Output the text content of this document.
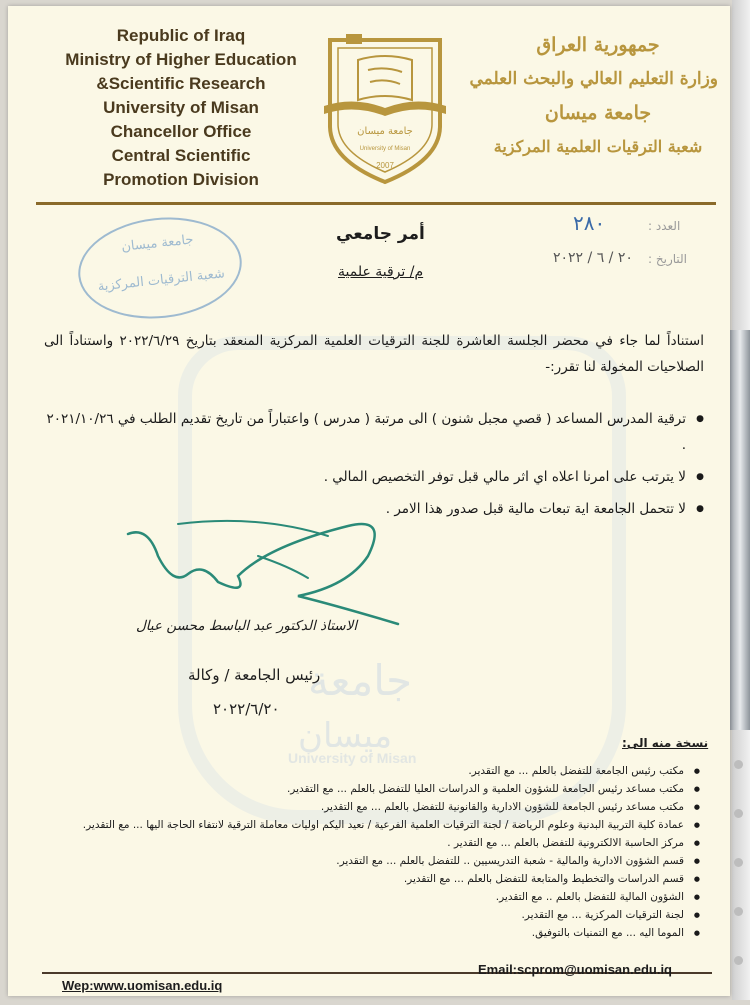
جامعة
ميسان
University of Misan
Republic of Iraq
Ministry of Higher Education
&Scientific Research
University of Misan
Chancellor Office
Central Scientific
Promotion Division
جامعة ميسان
University of Misan
2007
جمهورية العراق
وزارة التعليم العالي والبحث العلمي
جامعة ميسان
شعبة الترقيات العلمية المركزية
جامعة ميسان
شعبة الترقيات المركزية
العدد :
٢٨٠
التاريخ :
٢٠ / ٦ / ٢٠٢٢
أمر جامعي
م/ ترقية علمية

استناداً لما جاء في محضر الجلسة العاشرة للجنة الترقيات العلمية المركزية المنعقد بتاريخ ٢٠٢٢/٦/٢٩ واستناداً الى الصلاحيات المخولة لنا تقرر:-

● ترقية المدرس المساعد ( قصي مجبل شنون ) الى مرتبة ( مدرس ) واعتباراً من تاريخ تقديم الطلب في ٢٠٢١/١٠/٢٦ .
● لا يترتب على امرنا اعلاه اي اثر مالي قبل توفر التخصيص المالي .
● لا تتحمل الجامعة اية تبعات مالية قبل صدور هذا الامر .
الاستاذ الدكتور عبد الباسط محسن عيال
رئيس الجامعة / وكالة
٢٠٢٢/٦/٢٠
نسخة منه الى:
● مكتب رئيس الجامعة للتفضل بالعلم ... مع التقدير.
● مكتب مساعد رئيس الجامعة للشؤون العلمية و الدراسات العليا للتفضل بالعلم ... مع التقدير.
● مكتب مساعد رئيس الجامعة للشؤون الادارية والقانونية للتفضل بالعلم ... مع التقدير.
● عمادة كلية التربية البدنية وعلوم الرياضة / لجنة الترقيات العلمية الفرعية / نعيد اليكم اوليات معاملة الترقية لانتفاء الحاجة اليها ... مع التقدير.
● مركز الحاسبة الالكترونية للتفضل بالعلم ... مع التقدير .
● قسم الشؤون الادارية والمالية - شعبة التدريسيين .. للتفضل بالعلم ... مع التقدير.
● قسم الدراسات والتخطيط والمتابعة للتفضل بالعلم ... مع التقدير.
● الشؤون المالية للتفضل بالعلم .. مع التقدير.
● لجنة الترقيات المركزية ... مع التقدير.
● الموما اليه ... مع التمنيات بالتوفيق.
Email:scprom@uomisan.edu.iq
Wep:www.uomisan.edu.iq
